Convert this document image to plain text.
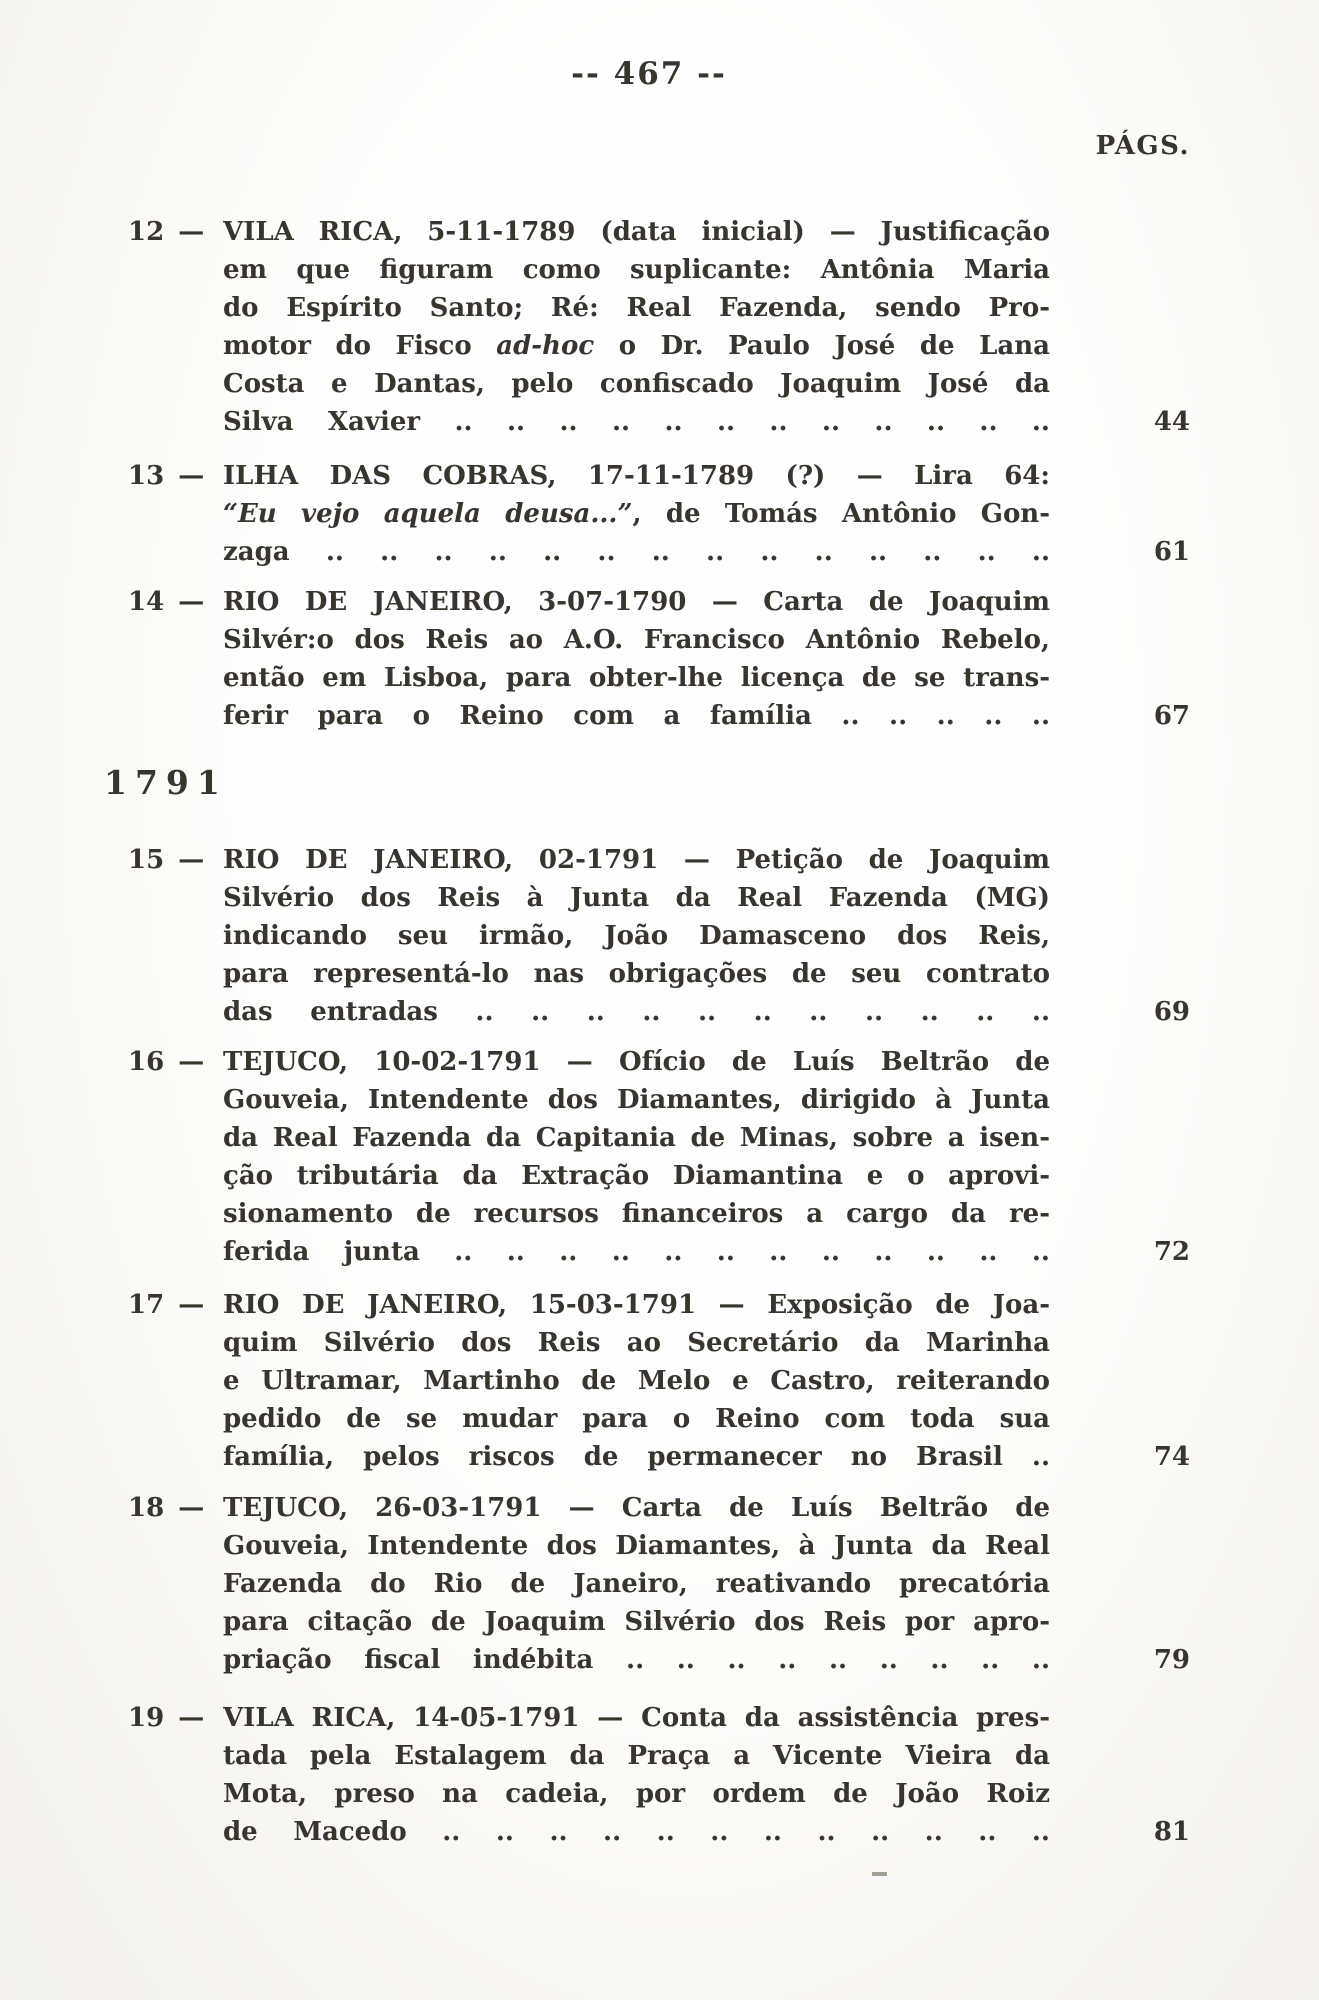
-- 467 --
PÁGS.
12 — VILA RICA, 5-11-1789 (data inicial) — Justificação
em que figuram como suplicante: Antônia Maria
do Espírito Santo; Ré: Real Fazenda, sendo Pro-
motor do Fisco ad-hoc o Dr. Paulo José de Lana
Costa e Dantas, pelo confiscado Joaquim José da
Silva Xavier .. .. .. .. .. .. .. .. .. .. .. ..	44
13 — ILHA DAS COBRAS, 17-11-1789 (?) — Lira 64:
“Eu vejo aquela deusa...”, de Tomás Antônio Gon-
zaga .. .. .. .. .. .. .. .. .. .. .. .. .. ..	61
14 — RIO DE JANEIRO, 3-07-1790 — Carta de Joaquim
Silvér:o dos Reis ao A.O. Francisco Antônio Rebelo,
então em Lisboa, para obter-lhe licença de se trans-
ferir para o Reino com a família .. .. .. .. ..	67
1791
15 — RIO DE JANEIRO, 02-1791 — Petição de Joaquim
Silvério dos Reis à Junta da Real Fazenda (MG)
indicando seu irmão, João Damasceno dos Reis,
para representá-lo nas obrigações de seu contrato
das entradas .. .. .. .. .. .. .. .. .. .. ..	69
16 — TEJUCO, 10-02-1791 — Ofício de Luís Beltrão de
Gouveia, Intendente dos Diamantes, dirigido à Junta
da Real Fazenda da Capitania de Minas, sobre a isen-
ção tributária da Extração Diamantina e o aprovi-
sionamento de recursos financeiros a cargo da re-
ferida junta .. .. .. .. .. .. .. .. .. .. .. ..	72
17 — RIO DE JANEIRO, 15-03-1791 — Exposição de Joa-
quim Silvério dos Reis ao Secretário da Marinha
e Ultramar, Martinho de Melo e Castro, reiterando
pedido de se mudar para o Reino com toda sua
família, pelos riscos de permanecer no Brasil ..	74
18 — TEJUCO, 26-03-1791 — Carta de Luís Beltrão de
Gouveia, Intendente dos Diamantes, à Junta da Real
Fazenda do Rio de Janeiro, reativando precatória
para citação de Joaquim Silvério dos Reis por apro-
priação fiscal indébita .. .. .. .. .. .. .. .. ..	79
19 — VILA RICA, 14-05-1791 — Conta da assistência pres-
tada pela Estalagem da Praça a Vicente Vieira da
Mota, preso na cadeia, por ordem de João Roiz
de Macedo .. .. .. .. .. .. .. .. .. .. .. ..	81
